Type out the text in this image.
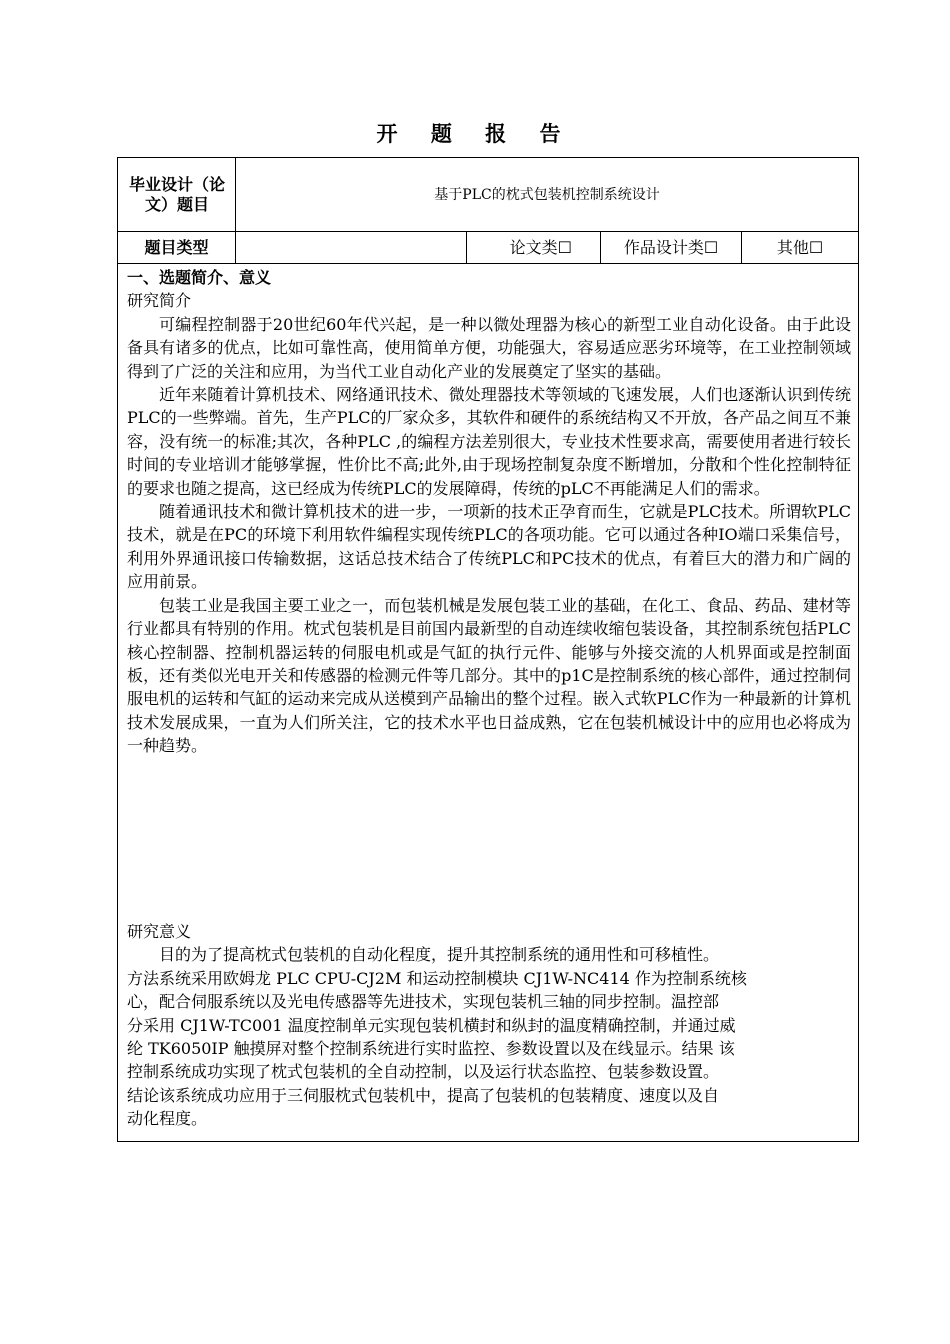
开 题 报 告
毕业设计（论文）题目	基于PLC的枕式包装机控制系统设计
题目类型	论文类☐	作品设计类☐	其他☐

一、选题简介、意义

研究简介

可编程控制器于20世纪60年代兴起，是一种以微处理器为核心的新型工业自动化设备。由于此设备具有诸多的优点，比如可靠性高，使用简单方便，功能强大，容易适应恶劣环境等，在工业控制领域得到了广泛的关注和应用，为当代工业自动化产业的发展奠定了坚实的基础。

近年来随着计算机技术、网络通讯技术、微处理器技术等领域的飞速发展，人们也逐渐认识到传统PLC的一些弊端。首先，生产PLC的厂家众多，其软件和硬件的系统结构又不开放，各产品之间互不兼容，没有统一的标准;其次，各种PLC ,的编程方法差别很大，专业技术性要求高，需要使用者进行较长时间的专业培训才能够掌握，性价比不高;此外,由于现场控制复杂度不断增加，分散和个性化控制特征的要求也随之提高，这已经成为传统PLC的发展障碍，传统的pLC不再能满足人们的需求。

随着通讯技术和微计算机技术的进一步，一项新的技术正孕育而生，它就是PLC技术。所谓软PLC技术，就是在PC的环境下利用软件编程实现传统PLC的各项功能。它可以通过各种IO端口采集信号，利用外界通讯接口传输数据，这话总技术结合了传统PLC和PC技术的优点，有着巨大的潜力和广阔的应用前景。

包装工业是我国主要工业之一，而包装机械是发展包装工业的基础，在化工、食品、药品、建材等行业都具有特别的作用。枕式包装机是目前国内最新型的自动连续收缩包装设备，其控制系统包括PLC核心控制器、控制机器运转的伺服电机或是气缸的执行元件、能够与外接交流的人机界面或是控制面板，还有类似光电开关和传感器的检测元件等几部分。其中的p1C是控制系统的核心部件，通过控制伺服电机的运转和气缸的运动来完成从送模到产品输出的整个过程。嵌入式软PLC作为一种最新的计算机技术发展成果，一直为人们所关注，它的技术水平也日益成熟，它在包装机械设计中的应用也必将成为一种趋势。

研究意义

目的为了提高枕式包装机的自动化程度，提升其控制系统的通用性和可移植性。

方法系统采用欧姆龙 PLC CPU-CJ2M 和运动控制模块 CJ1W-NC414 作为控制系统核

心，配合伺服系统以及光电传感器等先进技术，实现包装机三轴的同步控制。温控部

分采用 CJ1W-TC001 温度控制单元实现包装机横封和纵封的温度精确控制，并通过威

纶 TK6050IP 触摸屏对整个控制系统进行实时监控、参数设置以及在线显示。结果 该

控制系统成功实现了枕式包装机的全自动控制，以及运行状态监控、包装参数设置。

结论该系统成功应用于三伺服枕式包装机中，提高了包装机的包装精度、速度以及自

动化程度。
